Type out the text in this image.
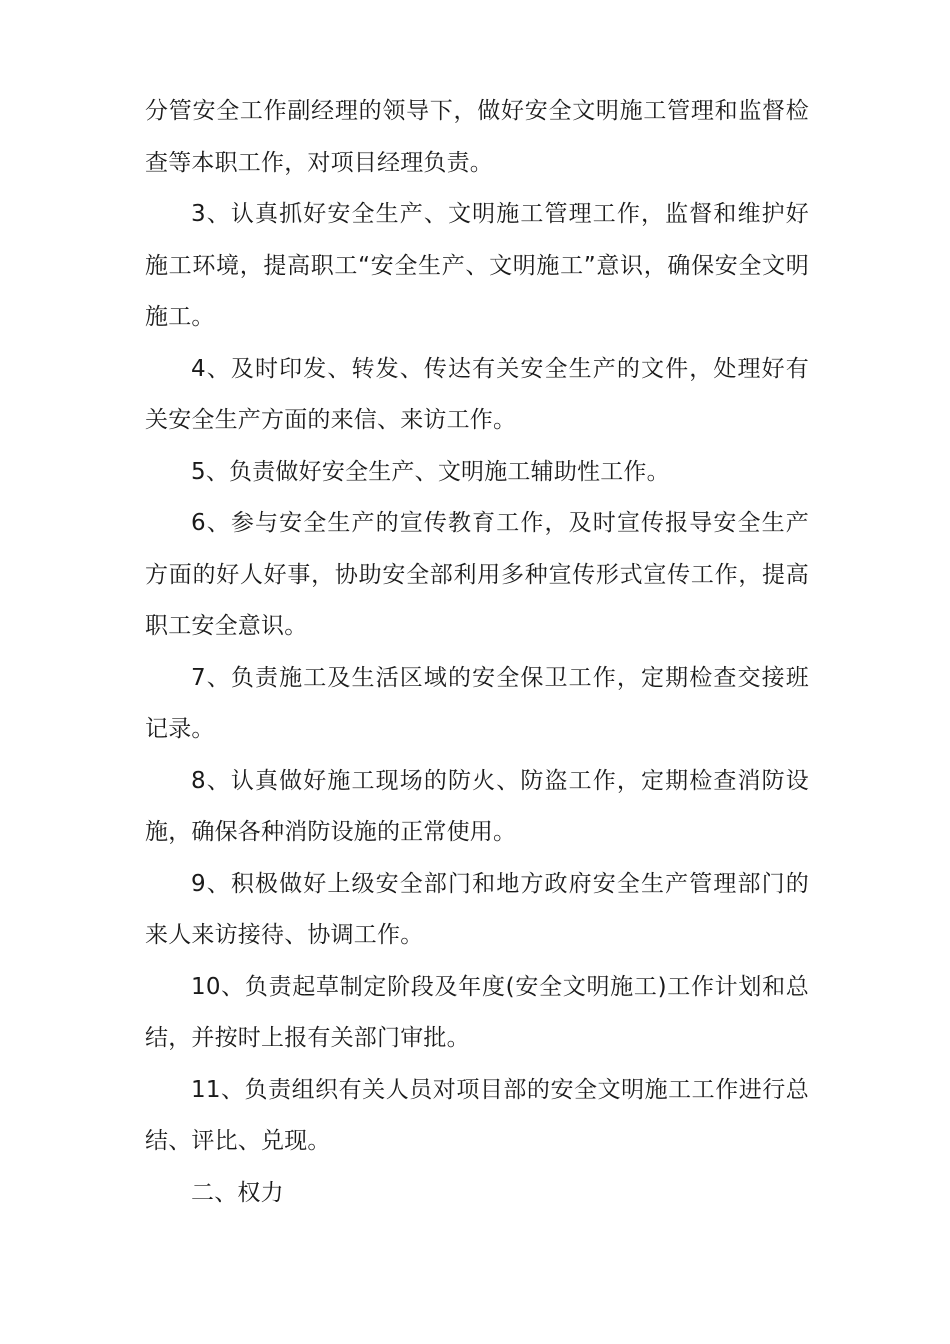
分管安全工作副经理的领导下，做好安全文明施工管理和监督检查等本职工作，对项目经理负责。

3、认真抓好安全生产、文明施工管理工作，监督和维护好施工环境，提高职工“安全生产、文明施工”意识，确保安全文明施工。

4、及时印发、转发、传达有关安全生产的文件，处理好有关安全生产方面的来信、来访工作。

5、负责做好安全生产、文明施工辅助性工作。

6、参与安全生产的宣传教育工作，及时宣传报导安全生产方面的好人好事，协助安全部利用多种宣传形式宣传工作，提高职工安全意识。

7、负责施工及生活区域的安全保卫工作，定期检查交接班记录。

8、认真做好施工现场的防火、防盗工作，定期检查消防设施，确保各种消防设施的正常使用。

9、积极做好上级安全部门和地方政府安全生产管理部门的来人来访接待、协调工作。

10、负责起草制定阶段及年度(安全文明施工)工作计划和总结，并按时上报有关部门审批。

11、负责组织有关人员对项目部的安全文明施工工作进行总结、评比、兑现。

二、权力
